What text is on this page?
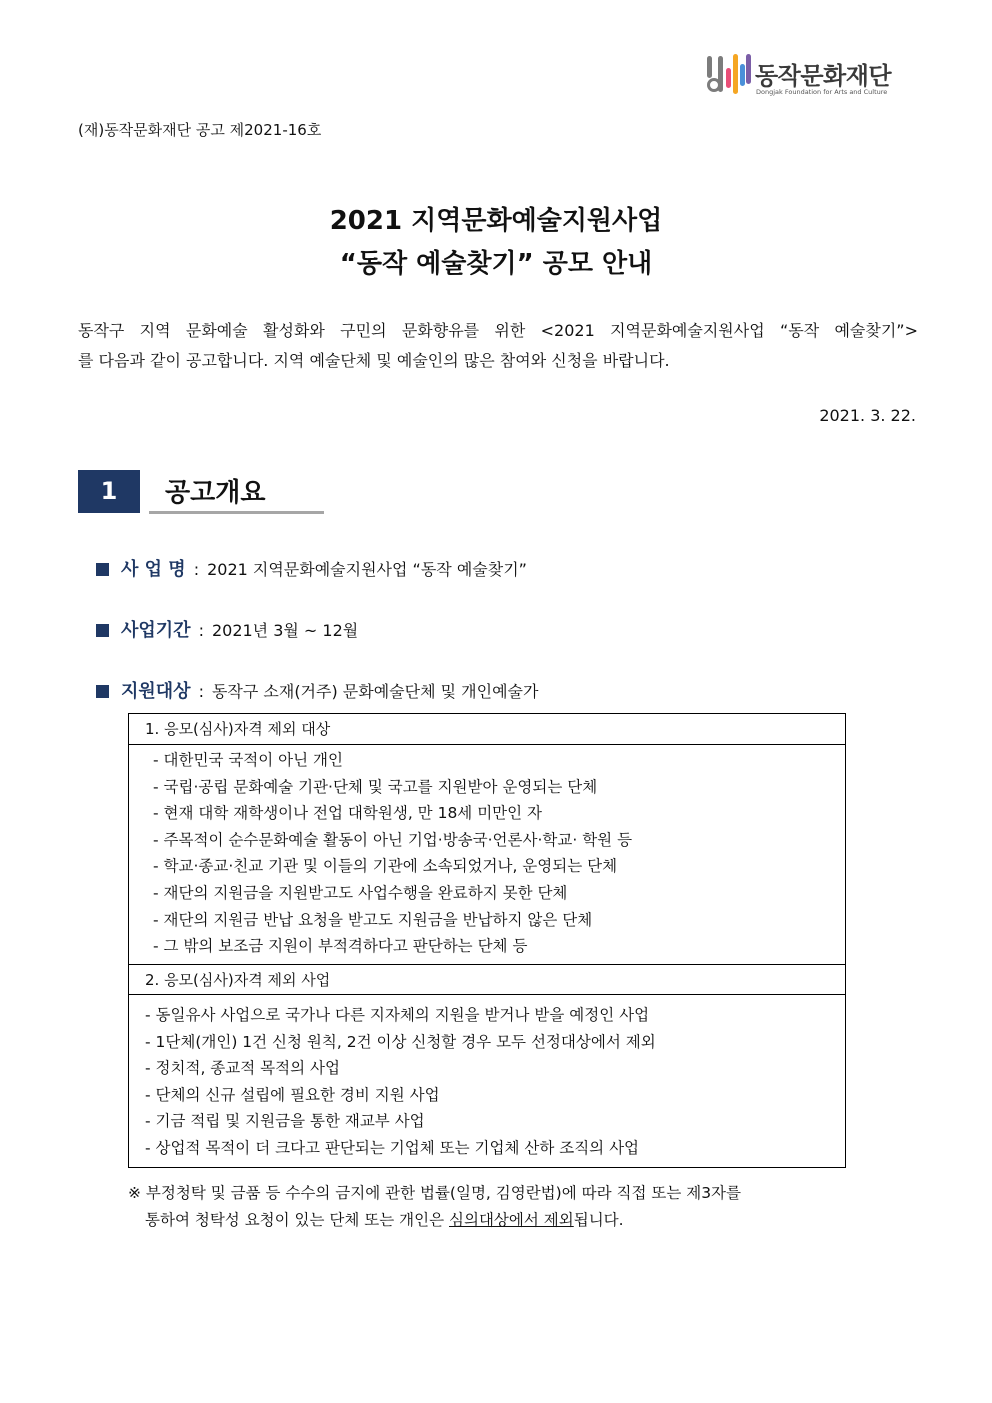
동작문화재단
Dongjak Foundation for Arts and Culture
(재)동작문화재단 공고 제2021-16호
2021 지역문화예술지원사업
“동작 예술찾기” 공모 안내
동작구 지역 문화예술 활성화와 구민의 문화향유를 위한 <2021 지역문화예술지원사업 “동작 예술찾기”>
를 다음과 같이 공고합니다. 지역 예술단체 및 예술인의 많은 참여와 신청을 바랍니다.
2021. 3. 22.
1	공고개요
사 업 명 : 2021 지역문화예술지원사업 “동작 예술찾기”
사업기간 : 2021년 3월 ~ 12월
지원대상 : 동작구 소재(거주) 문화예술단체 및 개인예술가
1. 응모(심사)자격 제외 대상
- 대한민국 국적이 아닌 개인
- 국립·공립 문화예술 기관·단체 및 국고를 지원받아 운영되는 단체
- 현재 대학 재학생이나 전업 대학원생, 만 18세 미만인 자
- 주목적이 순수문화예술 활동이 아닌 기업·방송국·언론사·학교· 학원 등
- 학교·종교·친교 기관 및 이들의 기관에 소속되었거나, 운영되는 단체
- 재단의 지원금을 지원받고도 사업수행을 완료하지 못한 단체
- 재단의 지원금 반납 요청을 받고도 지원금을 반납하지 않은 단체
- 그 밖의 보조금 지원이 부적격하다고 판단하는 단체 등
2. 응모(심사)자격 제외 사업
- 동일유사 사업으로 국가나 다른 지자체의 지원을 받거나 받을 예정인 사업
- 1단체(개인) 1건 신청 원칙, 2건 이상 신청할 경우 모두 선정대상에서 제외
- 정치적, 종교적 목적의 사업
- 단체의 신규 설립에 필요한 경비 지원 사업
- 기금 적립 및 지원금을 통한 재교부 사업
- 상업적 목적이 더 크다고 판단되는 기업체 또는 기업체 산하 조직의 사업
※ 부정청탁 및 금품 등 수수의 금지에 관한 법률(일명, 김영란법)에 따라 직접 또는 제3자를
통하여 청탁성 요청이 있는 단체 또는 개인은 심의대상에서 제외됩니다.
